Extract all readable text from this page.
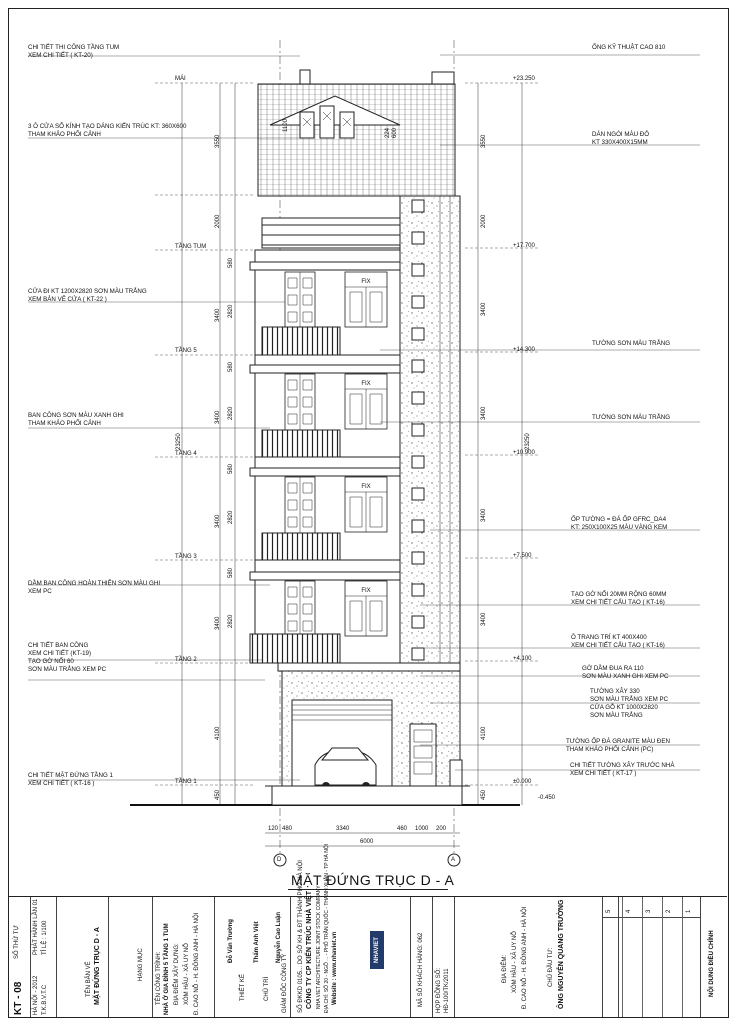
FIX
FIX
FIX
FIX
CHI TIẾT THI CÔNG TẦNG TUM
XEM CHI TIẾT ( KT-20)
3 Ô CỬA SỔ KÍNH TẠO DÁNG KIẾN TRÚC KT: 360X600
THAM KHẢO PHỐI CẢNH
CỬA ĐI KT 1200X2820 SƠN MÀU TRẮNG
XEM BẢN VẼ CỬA ( KT-22 )
BAN CÔNG SƠN MÀU XANH GHI
THAM KHẢO PHỐI CẢNH
DẦM BAN CÔNG HOÀN THIỆN SƠN MÀU GHI
XEM PC
CHI TIẾT BAN CÔNG
XEM CHI TIẾT (KT-19)
TẠO GỜ NỔI 60
SƠN MÀU TRẮNG XEM PC
CHI TIẾT MẶT ĐỨNG TẦNG 1
XEM CHI TIẾT ( KT-16 )
ỐNG KỸ THUẬT CAO 810
DÁN NGÓI MÀU ĐỎ
KT 330X400X15MM
TƯỜNG SƠN MÀU TRẮNG
TƯỜNG SƠN MÀU TRẮNG
ỐP TƯỜNG = ĐÁ ỐP GFRC_DA4
KT: 250X100X25 MÀU VÀNG KEM
TẠO GỜ NỔI 20MM RỘNG 60MM
XEM CHI TIẾT CẤU TẠO ( KT-16)
Ô TRANG TRÍ KT 400X400
XEM CHI TIẾT CẤU TẠO ( KT-16)
GỜ DẦM ĐUA RA 110
SƠN MÀU XANH GHI XEM PC
TƯỜNG XÂY 330
SƠN MÀU TRẮNG XEM PC
CỬA GỖ KT 1000X2820
SƠN MÀU TRẮNG
TƯỜNG ỐP ĐÁ GRANITE MÀU ĐEN
THAM KHẢO PHỐI CẢNH (PC)
CHI TIẾT TƯỜNG XÂY TRƯỚC NHÀ
XEM CHI TIẾT ( KT-17 )
MÁI
TẦNG TUM
TẦNG 5
TẦNG 4
TẦNG 3
TẦNG 2
TẦNG 1
+23.250
+17.700
+14.300
+10.900
+7.500
+4.100
±0.000
-0.450
3550
2000
580
2820
3400
580
2820
3400
580
2820
3400
580
2820
3400
4100
450
23250
3550
2000
3400
3400
3400
3400
4100
450
23250
120 480	3340	460 1000 200
6000
1100
224 600
D	A
MẶT ĐỨNG TRỤC D - A
SỐ THỨ TỰ
KT - 08
PHÁT HÀNH LẦN 01 TỈ LỆ : 1/100
HÀ NỘI - 2012 T.K.B.V.T.C
TÊN BẢN VẼ MẶT ĐỨNG TRỤC D - A	HẠNG MỤC TÊN CÔNG TRÌNH: NHÀ Ở GIA ĐÌNH 5 TẦNG 1 TUM ĐỊA ĐIỂM XÂY DỰNG: XÓM HẬU - XÃ UY NỖ Đ. CAO NỖ - H. ĐÔNG ANH - HÀ NỘI	Đỗ Văn Trường	Thẩm Anh Việt	Nguyễn Cao Luận
THIẾT KẾ	CHỦ TRÌ GIÁM ĐỐC CÔNG TY SỐ ĐKKD 0105... DO SỞ KH & ĐT THÀNH PHỐ HÀ NỘI CÔNG TY CP KIẾN TRÚC NHÀ VIỆT NHA VIET ARCHITECTURE JOINT STOCK COMPANY ĐỊA CHỈ: SỐ 20 - NGÕ ... - PHỐ TRẦN QUỐC - THANH XUÂN - TP HÀ NỘI Website : www.nhaviet.vn	NHAVIET	MÃ SỐ KHÁCH HÀNG: 062 HỢP ĐỒNG SỐ: HĐ-100/TK/2011	ĐỊA ĐIỂM: XÓM HẬU - XÃ UY NỖ Đ. CAO NỖ - H. ĐÔNG ANH - HÀ NỘI	CHỦ ĐẦU TƯ: ÔNG NGUYỄN QUANG TRƯỜNG	5 4 3 2 1
NỘI DUNG ĐIỀU CHỈNH
